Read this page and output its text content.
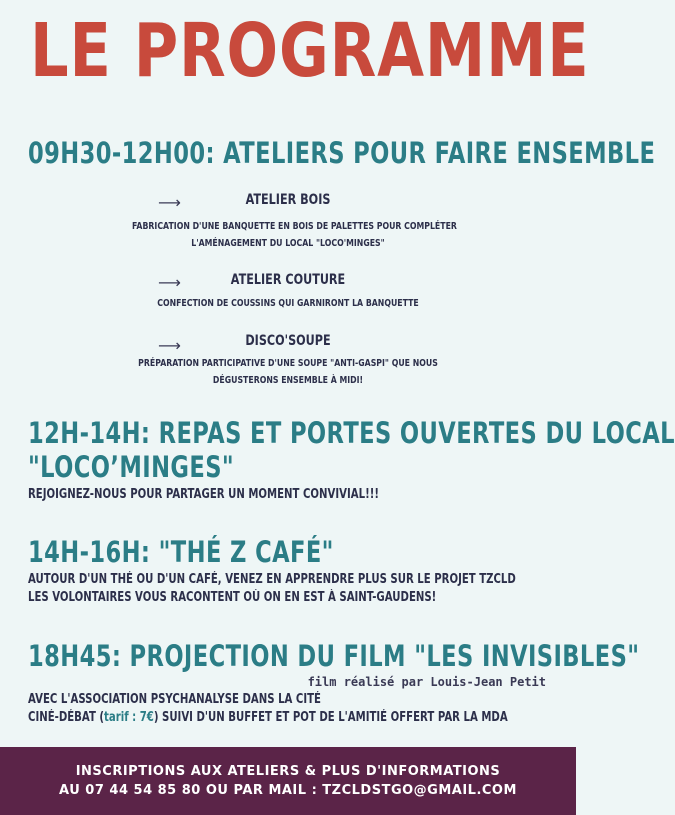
LE PROGRAMME
09H30-12H00: ATELIERS POUR FAIRE ENSEMBLE
⟶	ATELIER BOIS
FABRICATION D'UNE BANQUETTE EN BOIS DE PALETTES POUR COMPLÉTER
L'AMÉNAGEMENT DU LOCAL "LOCO'MINGES"
⟶	ATELIER COUTURE
CONFECTION DE COUSSINS QUI GARNIRONT LA BANQUETTE
⟶	DISCO'SOUPE
PRÉPARATION PARTICIPATIVE D'UNE SOUPE "ANTI-GASPI" QUE NOUS
DÉGUSTERONS ENSEMBLE À MIDI!
12H-14H: REPAS ET PORTES OUVERTES DU LOCAL
"LOCO’MINGES"
REJOIGNEZ-NOUS POUR PARTAGER UN MOMENT CONVIVIAL!!!
14H-16H: "THÉ Z CAFÉ"
AUTOUR D'UN THÉ OU D'UN CAFÉ, VENEZ EN APPRENDRE PLUS SUR LE PROJET TZCLD
LES VOLONTAIRES VOUS RACONTENT OÙ ON EN EST À SAINT-GAUDENS!
18H45: PROJECTION DU FILM "LES INVISIBLES"
film réalisé par Louis-Jean Petit
AVEC L'ASSOCIATION PSYCHANALYSE DANS LA CITÉ
CINÉ-DÉBAT (tarif : 7€) SUIVI D'UN BUFFET ET POT DE L'AMITIÉ OFFERT PAR LA MDA
INSCRIPTIONS AUX ATELIERS & PLUS D'INFORMATIONS
AU 07 44 54 85 80 OU PAR MAIL : TZCLDSTGO@GMAIL.COM
